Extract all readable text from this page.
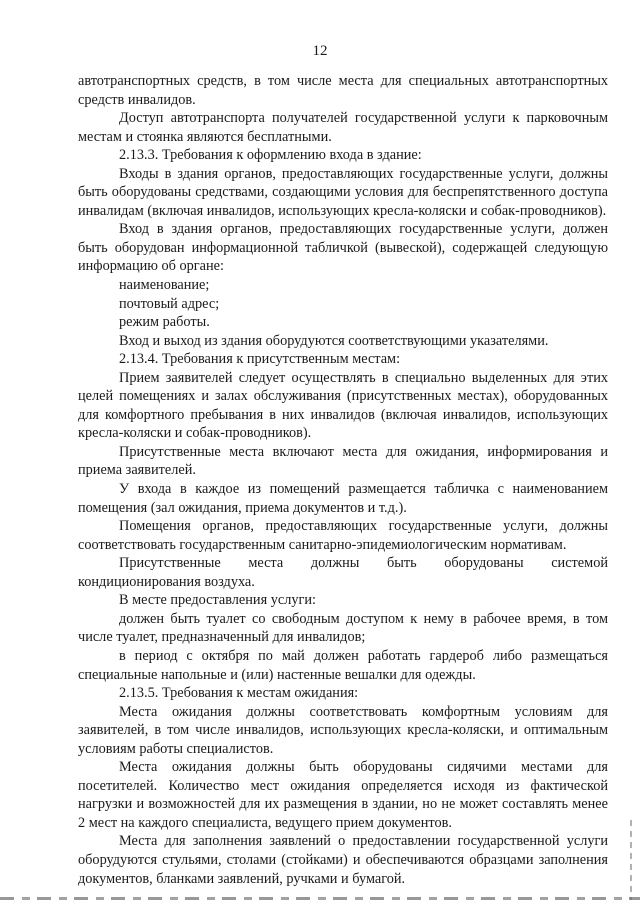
12

автотранспортных средств, в том числе места для специальных автотранспортных средств инвалидов.

Доступ автотранспорта получателей государственной услуги к парковочным местам и стоянка являются бесплатными.

2.13.3. Требования к оформлению входа в здание:

Входы в здания органов, предоставляющих государственные услуги, должны быть оборудованы средствами, создающими условия для беспрепятственного доступа инвалидам (включая инвалидов, использующих кресла-коляски и собак-проводников).

Вход в здания органов, предоставляющих государственные услуги, должен быть оборудован информационной табличкой (вывеской), содержащей следующую информацию об органе:

наименование;

почтовый адрес;

режим работы.

Вход и выход из здания оборудуются соответствующими указателями.

2.13.4. Требования к присутственным местам:

Прием заявителей следует осуществлять в специально выделенных для этих целей помещениях и залах обслуживания (присутственных местах), оборудованных для комфортного пребывания в них инвалидов (включая инвалидов, использующих кресла-коляски и собак-проводников).

Присутственные места включают места для ожидания, информирования и приема заявителей.

У входа в каждое из помещений размещается табличка с наименованием помещения (зал ожидания, приема документов и т.д.).

Помещения органов, предоставляющих государственные услуги, должны соответствовать государственным санитарно-эпидемиологическим нормативам.

Присутственные места должны быть оборудованы системой кондиционирования воздуха.

В месте предоставления услуги:

должен быть туалет со свободным доступом к нему в рабочее время, в том числе туалет, предназначенный для инвалидов;

в период с октября по май должен работать гардероб либо размещаться специальные напольные и (или) настенные вешалки для одежды.

2.13.5. Требования к местам ожидания:

Места ожидания должны соответствовать комфортным условиям для заявителей, в том числе инвалидов, использующих кресла-коляски, и оптимальным условиям работы специалистов.

Места ожидания должны быть оборудованы сидячими местами для посетителей. Количество мест ожидания определяется исходя из фактической нагрузки и возможностей для их размещения в здании, но не может составлять менее 2 мест на каждого специалиста, ведущего прием документов.

Места для заполнения заявлений о предоставлении государственной услуги оборудуются стульями, столами (стойками) и обеспечиваются образцами заполнения документов, бланками заявлений, ручками и бумагой.
